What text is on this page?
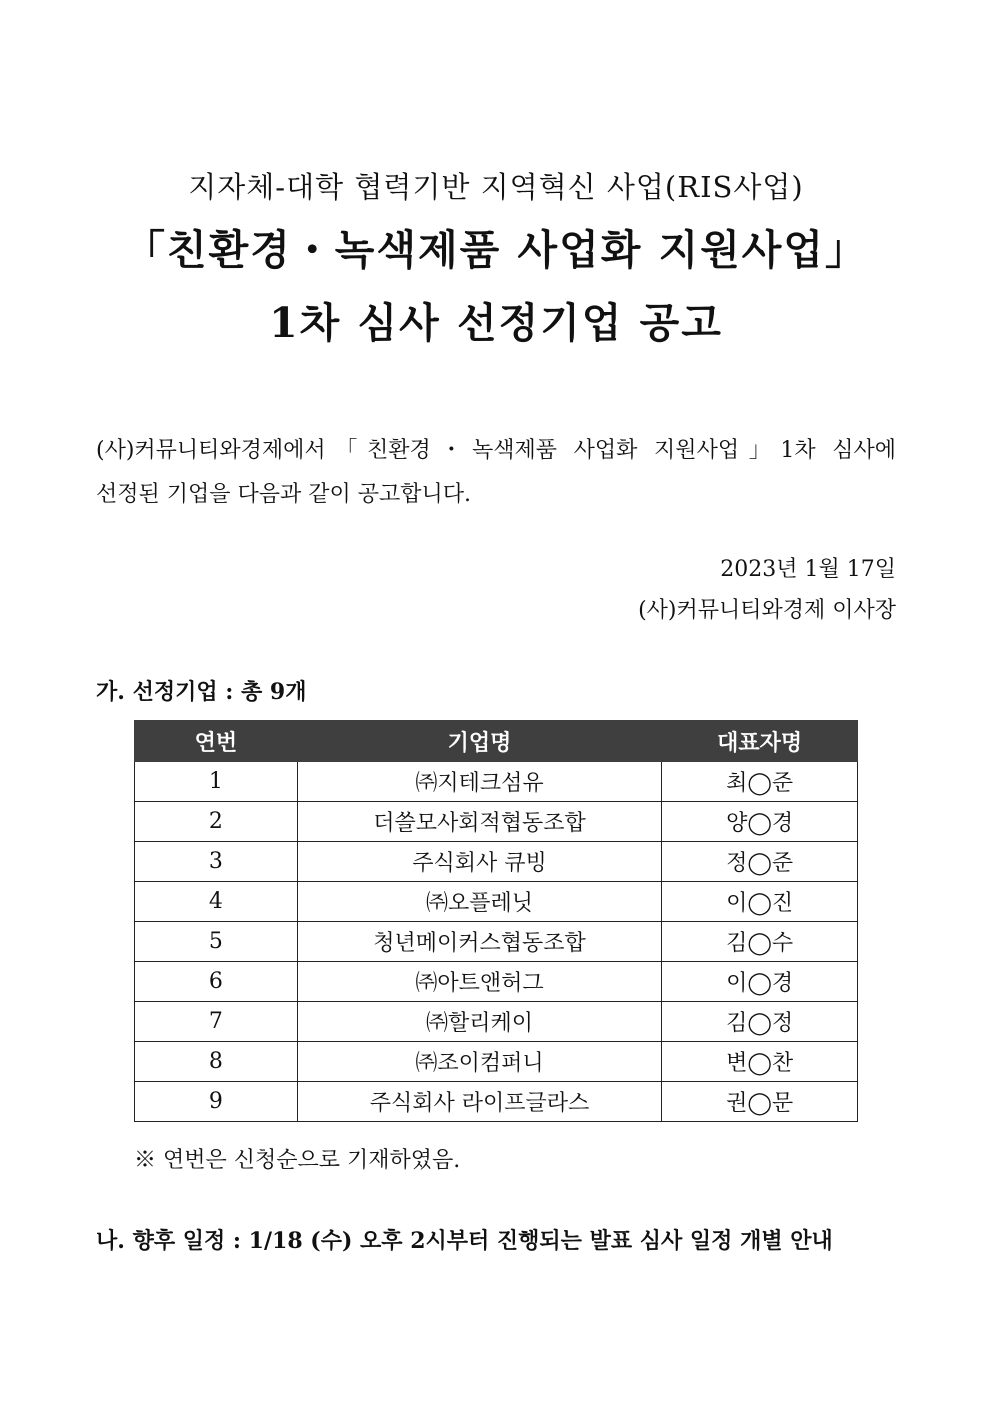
지자체-대학 협력기반 지역혁신 사업(RIS사업)
「친환경・녹색제품 사업화 지원사업」
1차 심사 선정기업 공고
(사)커뮤니티와경제에서「친환경・녹색제품 사업화 지원사업」1차 심사에
선정된 기업을 다음과 같이 공고합니다.
2023년 1월 17일
(사)커뮤니티와경제 이사장
가. 선정기업 : 총 9개
연번	기업명	대표자명
1	㈜지테크섬유	최◯준
2	더쓸모사회적협동조합	양◯경
3	주식회사 큐빙	정◯준
4	㈜오플레닛	이◯진
5	청년메이커스협동조합	김◯수
6	㈜아트앤허그	이◯경
7	㈜할리케이	김◯정
8	㈜조이컴퍼니	변◯찬
9	주식회사 라이프글라스	권◯문
※ 연번은 신청순으로 기재하였음.
나. 향후 일정 : 1/18 (수) 오후 2시부터 진행되는 발표 심사 일정 개별 안내
